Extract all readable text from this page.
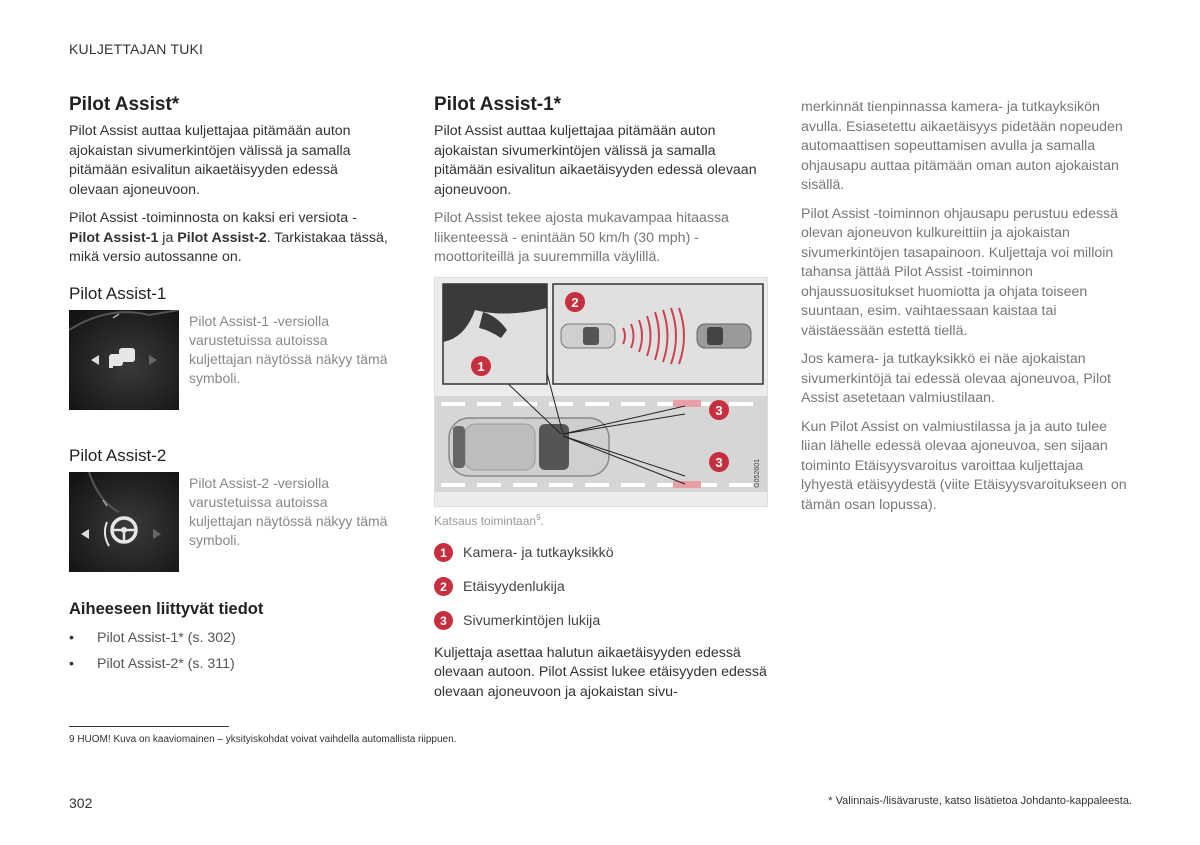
KULJETTAJAN TUKI
Pilot Assist*

Pilot Assist auttaa kuljettajaa pitämään auton ajokaistan sivumerkintöjen välissä ja samalla pitämään esivalitun aikaetäisyyden edessä olevaan ajoneuvoon.

Pilot Assist -toiminnosta on kaksi eri versiota - Pilot Assist-1 ja Pilot Assist-2. Tarkistakaa tässä, mikä versio autossanne on.

Pilot Assist-1
Pilot Assist-1 -versiolla varustetuissa autoissa kuljettajan näytössä näkyy tämä symboli.
Pilot Assist-2
Pilot Assist-2 -versiolla varustetuissa autoissa kuljettajan näytössä näkyy tämä symboli.
Aiheeseen liittyvät tiedot
•	Pilot Assist-1* (s. 302)
•	Pilot Assist-2* (s. 311)
Pilot Assist-1*

Pilot Assist auttaa kuljettajaa pitämään auton ajokaistan sivumerkintöjen välissä ja samalla pitämään esivalitun aikaetäisyyden edessä olevaan ajoneuvoon.

Pilot Assist tekee ajosta mukavampaa hitaassa liikenteessä - enintään 50 km/h (30 mph) - moottoriteillä ja suuremmilla väylillä.

1
2
3
3	G052601
Katsaus toimintaan$^9$.
1	Kamera- ja tutkayksikkö
2	Etäisyydenlukija
3	Sivumerkintöjen lukija

Kuljettaja asettaa halutun aikaetäisyyden edessä olevaan autoon. Pilot Assist lukee etäisyyden edessä olevaan ajoneuvoon ja ajokaistan sivu-

merkinnät tienpinnassa kamera- ja tutkayksikön avulla. Esiasetettu aikaetäisyys pidetään nopeuden automaattisen sopeuttamisen avulla ja samalla ohjausapu auttaa pitämään oman auton ajokaistan sisällä.

Pilot Assist -toiminnon ohjausapu perustuu edessä olevan ajoneuvon kulkureittiin ja ajokaistan sivumerkintöjen tasapainoon. Kuljettaja voi milloin tahansa jättää Pilot Assist -toiminnon ohjaussuositukset huomiotta ja ohjata toiseen suuntaan, esim. vaihtaessaan kaistaa tai väistäessään estettä tiellä.

Jos kamera- ja tutkayksikkö ei näe ajokaistan sivumerkintöjä tai edessä olevaa ajoneuvoa, Pilot Assist asetetaan valmiustilaan.

Kun Pilot Assist on valmiustilassa ja ja auto tulee liian lähelle edessä olevaa ajoneuvoa, sen sijaan toiminto Etäisyysvaroitus varoittaa kuljettajaa lyhyestä etäisyydestä (viite Etäisyysvaroitukseen on tämän osan lopussa).

9 HUOM! Kuva on kaaviomainen – yksityiskohdat voivat vaihdella automallista riippuen.
302	* Valinnais-/lisävaruste, katso lisätietoa Johdanto-kappaleesta.
